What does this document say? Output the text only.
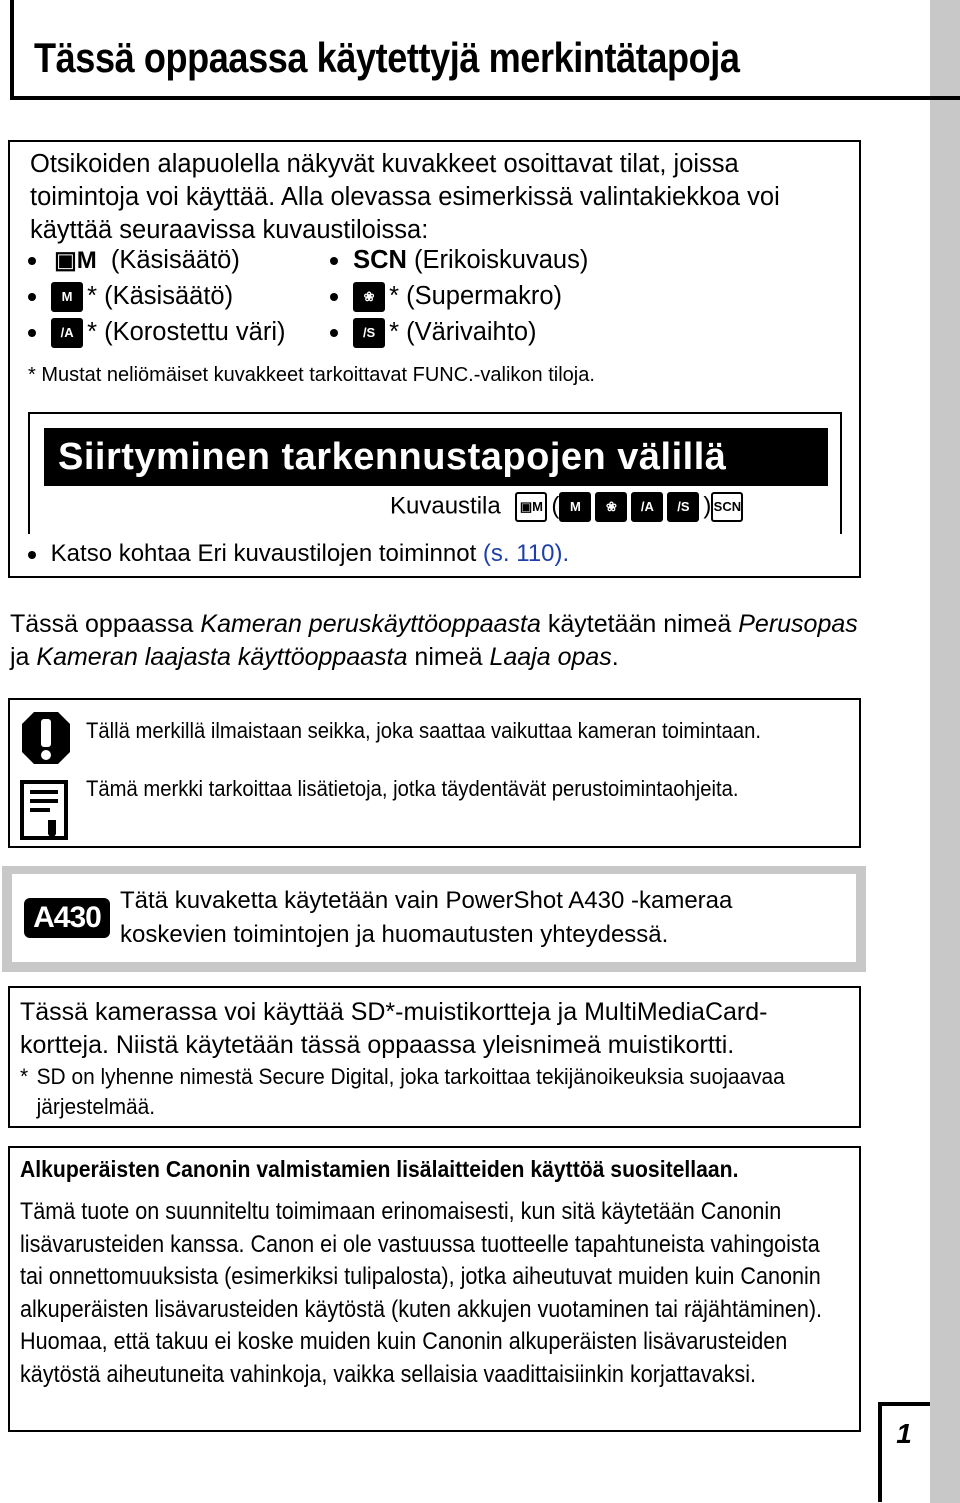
Tässä oppaassa käytettyjä merkintätapoja
Otsikoiden alapuolella näkyvät kuvakkeet osoittavat tilat, joissa toimintoja voi käyttää. Alla olevassa esimerkissä valintakiekkoa voi käyttää seuraavissa kuvaustiloissa:
▣M (Käsisäätö)	SCN (Erikoiskuvaus)
M * (Käsisäätö)	❀ * (Supermakro)
/A * (Korostettu väri)	/S * (Värivaihto)
* Mustat neliömäiset kuvakkeet tarkoittavat FUNC.-valikon tiloja.
Siirtyminen tarkennustapojen välillä
Kuvaustila ▣M ( M ❀ /A /S ) SCN
Katso kohtaa Eri kuvaustilojen toiminnot (s. 110).
Tässä oppaassa Kameran peruskäyttöoppaasta käytetään nimeä Perusopas ja Kameran laajasta käyttöoppaasta nimeä Laaja opas.
Tällä merkillä ilmaistaan seikka, joka saattaa vaikuttaa kameran toimintaan.
Tämä merkki tarkoittaa lisätietoja, jotka täydentävät perustoimintaohjeita.
A430
Tätä kuvaketta käytetään vain PowerShot A430 -kameraa koskevien toimintojen ja huomautusten yhteydessä.
Tässä kamerassa voi käyttää SD*-muistikortteja ja MultiMediaCard-kortteja. Niistä käytetään tässä oppaassa yleisnimeä muistikortti.
* SD on lyhenne nimestä Secure Digital, joka tarkoittaa tekijänoikeuksia suojaavaa järjestelmää.
Alkuperäisten Canonin valmistamien lisälaitteiden käyttöä suositellaan.
Tämä tuote on suunniteltu toimimaan erinomaisesti, kun sitä käytetään Canonin lisävarusteiden kanssa. Canon ei ole vastuussa tuotteelle tapahtuneista vahingoista tai onnettomuuksista (esimerkiksi tulipalosta), jotka aiheutuvat muiden kuin Canonin alkuperäisten lisävarusteiden käytöstä (kuten akkujen vuotaminen tai räjähtäminen). Huomaa, että takuu ei koske muiden kuin Canonin alkuperäisten lisävarusteiden käytöstä aiheutuneita vahinkoja, vaikka sellaisia vaadittaisiinkin korjattavaksi.
1
